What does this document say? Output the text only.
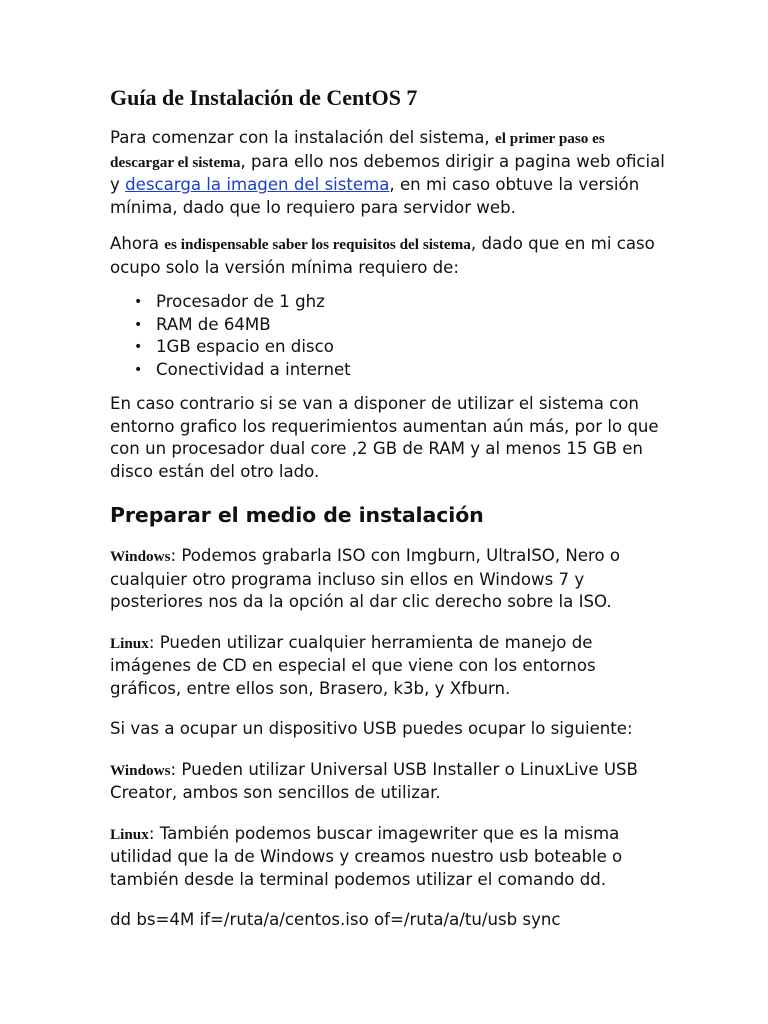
Guía de Instalación de CentOS 7

Para comenzar con la instalación del sistema, el primer paso es descargar el sistema, para ello nos debemos dirigir a pagina web oficial y descarga la imagen del sistema, en mi caso obtuve la versión mínima, dado que lo requiero para servidor web.

Ahora es indispensable saber los requisitos del sistema, dado que en mi caso ocupo solo la versión mínima requiero de:

• Procesador de 1 ghz
• RAM de 64MB
• 1GB espacio en disco
• Conectividad a internet

En caso contrario si se van a disponer de utilizar el sistema con entorno grafico los requerimientos aumentan aún más, por lo que con un procesador dual core ,2 GB de RAM y al menos 15 GB en disco están del otro lado.

Preparar el medio de instalación

Windows: Podemos grabarla ISO con Imgburn, UltraISO, Nero o cualquier otro programa incluso sin ellos en Windows 7 y posteriores nos da la opción al dar clic derecho sobre la ISO.

Linux: Pueden utilizar cualquier herramienta de manejo de imágenes de CD en especial el que viene con los entornos gráficos, entre ellos son, Brasero, k3b, y Xfburn.

Si vas a ocupar un dispositivo USB puedes ocupar lo siguiente:

Windows: Pueden utilizar Universal USB Installer o LinuxLive USB Creator, ambos son sencillos de utilizar.

Linux: También podemos buscar imagewriter que es la misma utilidad que la de Windows y creamos nuestro usb boteable o también desde la terminal podemos utilizar el comando dd.

dd bs=4M if=/ruta/a/centos.iso of=/ruta/a/tu/usb sync
